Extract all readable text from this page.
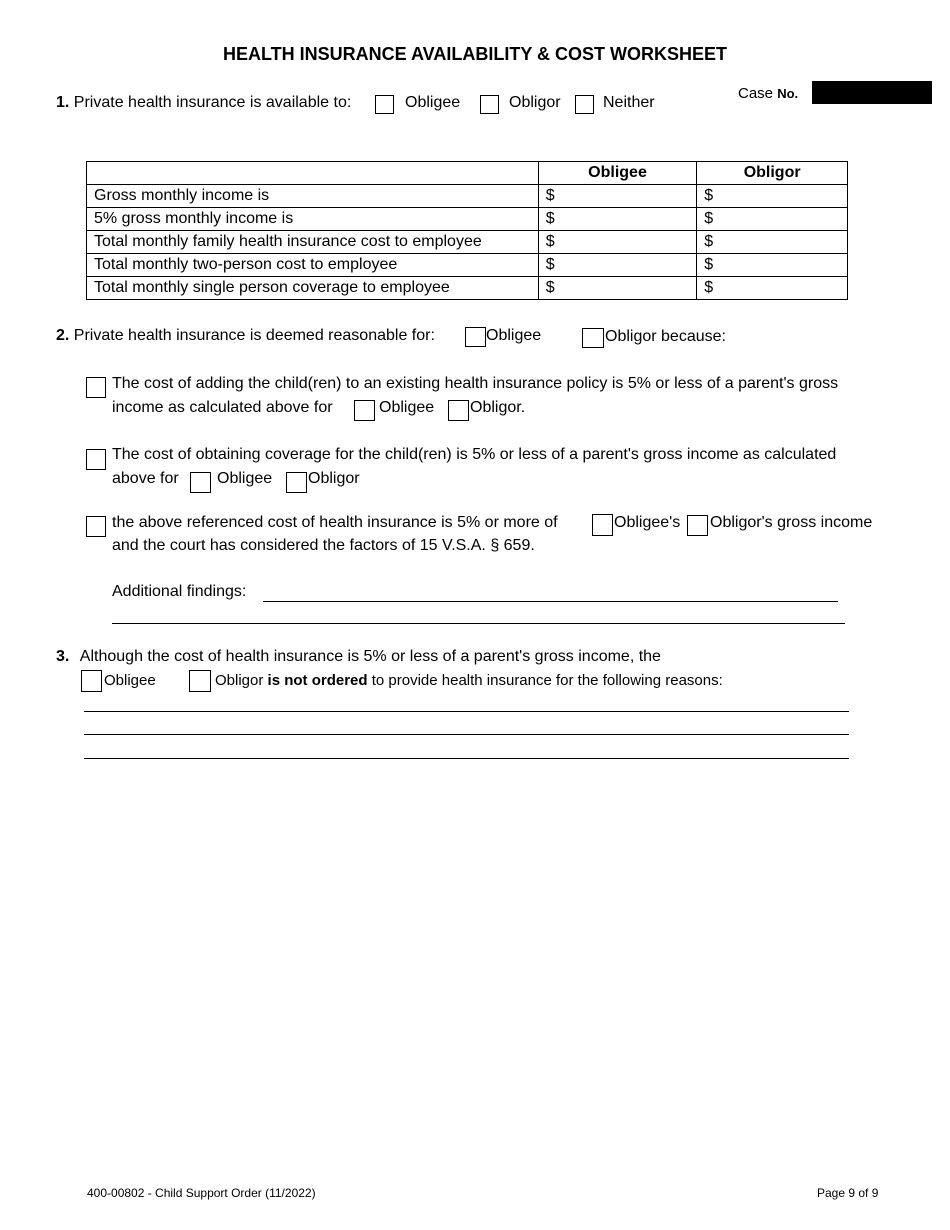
HEALTH INSURANCE AVAILABILITY & COST WORKSHEET
Case No.
1. Private health insurance is available to:	Obligee	Obligor	Neither
	Obligee	Obligor
Gross monthly income is	$	$
5% gross monthly income is	$	$
Total monthly family health insurance cost to employee	$	$
Total monthly two-person cost to employee	$	$
Total monthly single person coverage to employee	$	$
2. Private health insurance is deemed reasonable for:	Obligee	Obligor because:
The cost of adding the child(ren) to an existing health insurance policy is 5% or less of a parent's gross
income as calculated above for	Obligee Obligor.
The cost of obtaining coverage for the child(ren) is 5% or less of a parent's gross income as calculated
above for Obligee Obligor
the above referenced cost of health insurance is 5% or more of	Obligee's Obligor's gross income
and the court has considered the factors of 15 V.S.A. § 659.
Additional findings:
3. Although the cost of health insurance is 5% or less of a parent's gross income, the
Obligee	Obligor is not ordered to provide health insurance for the following reasons:
400-00802 - Child Support Order (11/2022)	Page 9 of 9
